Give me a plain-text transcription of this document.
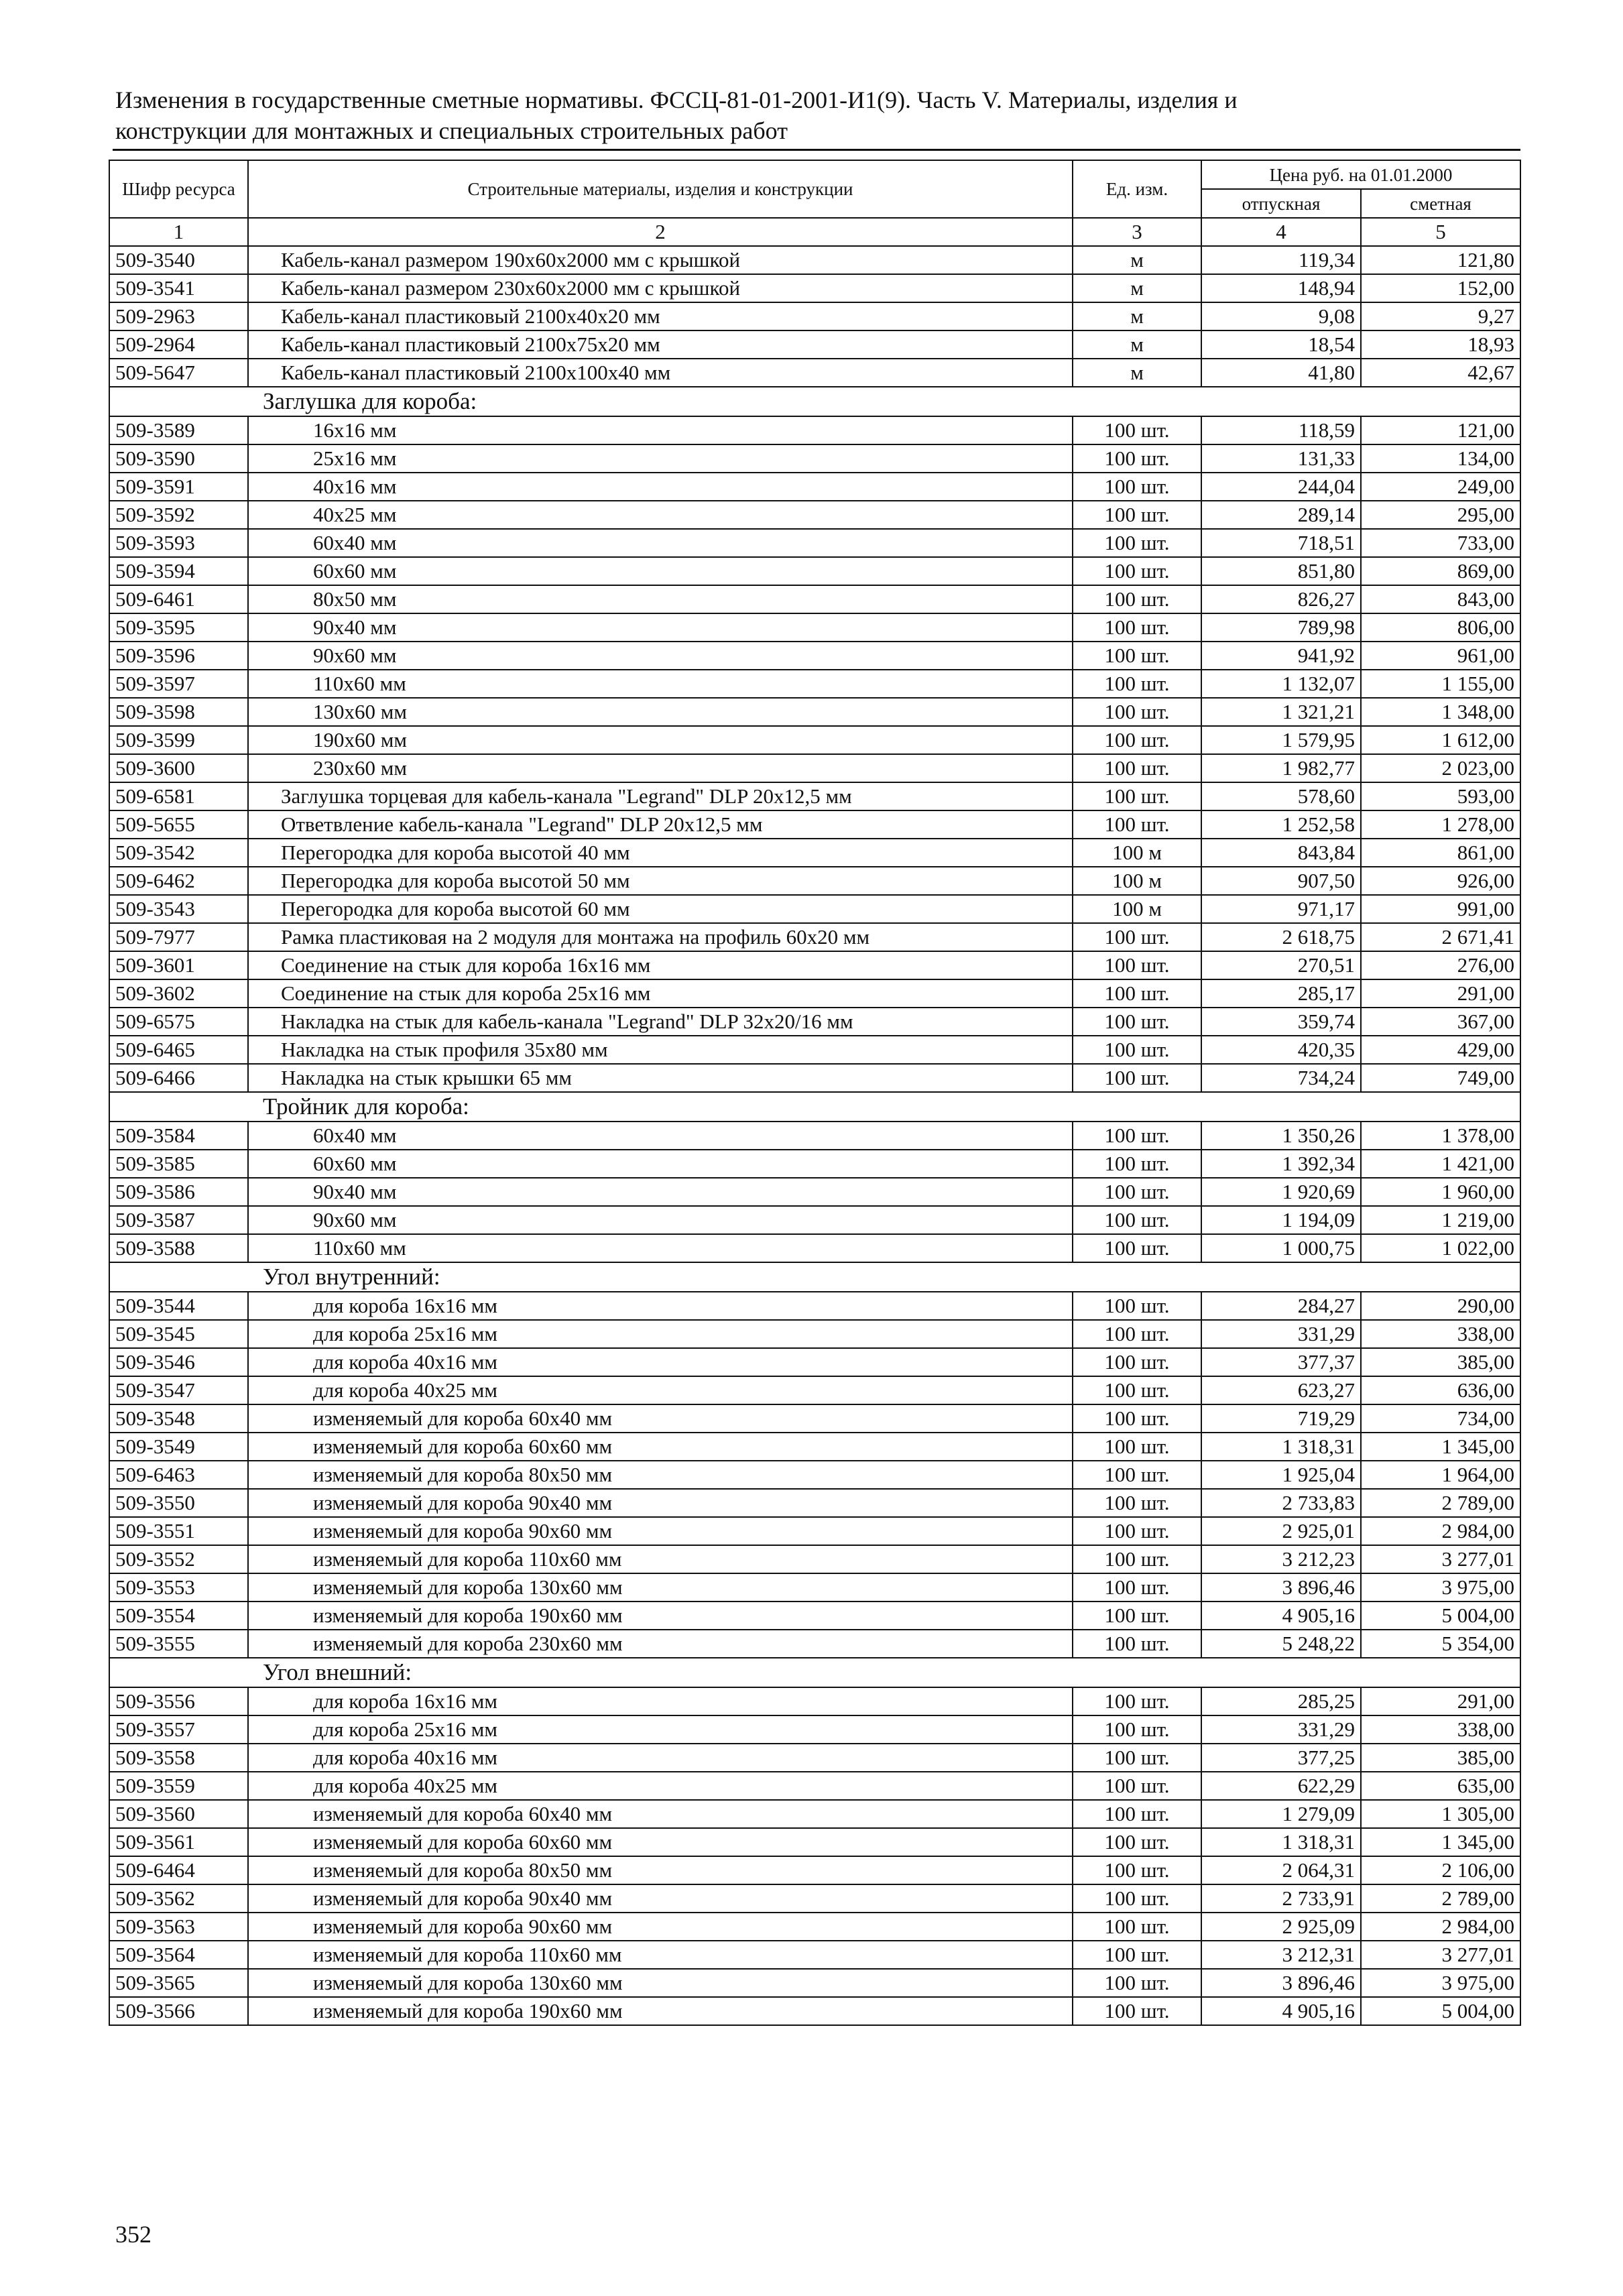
Изменения в государственные сметные нормативы. ФССЦ-81-01-2001-И1(9). Часть V. Материалы, изделия и
конструкции для монтажных и специальных строительных работ
Шифр ресурса	Строительные материалы, изделия и конструкции	Ед. изм.	Цена руб. на 01.01.2000	
			отпускная	сметная
1	2	3	4	5
509-3540	Кабель-канал размером 190х60х2000 мм с крышкой	м	119,34	121,80
509-3541	Кабель-канал размером 230х60х2000 мм с крышкой	м	148,94	152,00
509-2963	Кабель-канал пластиковый 2100х40х20 мм	м	9,08	9,27
509-2964	Кабель-канал пластиковый 2100х75х20 мм	м	18,54	18,93
509-5647	Кабель-канал пластиковый 2100х100х40 мм	м	41,80	42,67
Заглушка для короба:				
509-3589	16х16 мм	100 шт.	118,59	121,00
509-3590	25х16 мм	100 шт.	131,33	134,00
509-3591	40х16 мм	100 шт.	244,04	249,00
509-3592	40х25 мм	100 шт.	289,14	295,00
509-3593	60х40 мм	100 шт.	718,51	733,00
509-3594	60х60 мм	100 шт.	851,80	869,00
509-6461	80х50 мм	100 шт.	826,27	843,00
509-3595	90х40 мм	100 шт.	789,98	806,00
509-3596	90х60 мм	100 шт.	941,92	961,00
509-3597	110х60 мм	100 шт.	1 132,07	1 155,00
509-3598	130х60 мм	100 шт.	1 321,21	1 348,00
509-3599	190х60 мм	100 шт.	1 579,95	1 612,00
509-3600	230х60 мм	100 шт.	1 982,77	2 023,00
509-6581	Заглушка торцевая для кабель-канала "Legrand" DLP 20х12,5 мм	100 шт.	578,60	593,00
509-5655	Ответвление кабель-канала "Legrand" DLP 20х12,5 мм	100 шт.	1 252,58	1 278,00
509-3542	Перегородка для короба высотой 40 мм	100 м	843,84	861,00
509-6462	Перегородка для короба высотой 50 мм	100 м	907,50	926,00
509-3543	Перегородка для короба высотой 60 мм	100 м	971,17	991,00
509-7977	Рамка пластиковая на 2 модуля для монтажа на профиль 60х20 мм	100 шт.	2 618,75	2 671,41
509-3601	Соединение на стык для короба 16х16 мм	100 шт.	270,51	276,00
509-3602	Соединение на стык для короба 25х16 мм	100 шт.	285,17	291,00
509-6575	Накладка на стык для кабель-канала "Legrand" DLP 32х20/16 мм	100 шт.	359,74	367,00
509-6465	Накладка на стык профиля 35х80 мм	100 шт.	420,35	429,00
509-6466	Накладка на стык крышки 65 мм	100 шт.	734,24	749,00
Тройник для короба:				
509-3584	60х40 мм	100 шт.	1 350,26	1 378,00
509-3585	60х60 мм	100 шт.	1 392,34	1 421,00
509-3586	90х40 мм	100 шт.	1 920,69	1 960,00
509-3587	90х60 мм	100 шт.	1 194,09	1 219,00
509-3588	110х60 мм	100 шт.	1 000,75	1 022,00
Угол внутренний:				
509-3544	для короба 16х16 мм	100 шт.	284,27	290,00
509-3545	для короба 25х16 мм	100 шт.	331,29	338,00
509-3546	для короба 40х16 мм	100 шт.	377,37	385,00
509-3547	для короба 40х25 мм	100 шт.	623,27	636,00
509-3548	изменяемый для короба 60х40 мм	100 шт.	719,29	734,00
509-3549	изменяемый для короба 60х60 мм	100 шт.	1 318,31	1 345,00
509-6463	изменяемый для короба 80х50 мм	100 шт.	1 925,04	1 964,00
509-3550	изменяемый для короба 90х40 мм	100 шт.	2 733,83	2 789,00
509-3551	изменяемый для короба 90х60 мм	100 шт.	2 925,01	2 984,00
509-3552	изменяемый для короба 110х60 мм	100 шт.	3 212,23	3 277,01
509-3553	изменяемый для короба 130х60 мм	100 шт.	3 896,46	3 975,00
509-3554	изменяемый для короба 190х60 мм	100 шт.	4 905,16	5 004,00
509-3555	изменяемый для короба 230х60 мм	100 шт.	5 248,22	5 354,00
Угол внешний:				
509-3556	для короба 16х16 мм	100 шт.	285,25	291,00
509-3557	для короба 25х16 мм	100 шт.	331,29	338,00
509-3558	для короба 40х16 мм	100 шт.	377,25	385,00
509-3559	для короба 40х25 мм	100 шт.	622,29	635,00
509-3560	изменяемый для короба 60х40 мм	100 шт.	1 279,09	1 305,00
509-3561	изменяемый для короба 60х60 мм	100 шт.	1 318,31	1 345,00
509-6464	изменяемый для короба 80х50 мм	100 шт.	2 064,31	2 106,00
509-3562	изменяемый для короба 90х40 мм	100 шт.	2 733,91	2 789,00
509-3563	изменяемый для короба 90х60 мм	100 шт.	2 925,09	2 984,00
509-3564	изменяемый для короба 110х60 мм	100 шт.	3 212,31	3 277,01
509-3565	изменяемый для короба 130х60 мм	100 шт.	3 896,46	3 975,00
509-3566	изменяемый для короба 190х60 мм	100 шт.	4 905,16	5 004,00
352
